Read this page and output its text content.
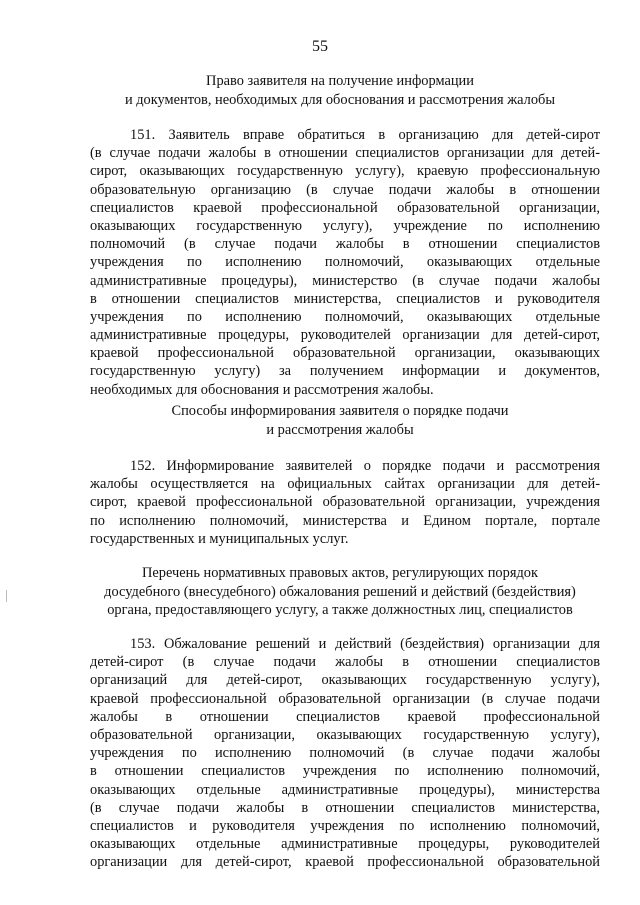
55
Право заявителя на получение информации
и документов, необходимых для обоснования и рассмотрения жалобы
151. Заявитель вправе обратиться в организацию для детей-сирот
(в случае подачи жалобы в отношении специалистов организации для детей-
сирот, оказывающих государственную услугу), краевую профессиональную
образовательную организацию (в случае подачи жалобы в отношении
специалистов краевой профессиональной образовательной организации,
оказывающих государственную услугу), учреждение по исполнению
полномочий (в случае подачи жалобы в отношении специалистов
учреждения по исполнению полномочий, оказывающих отдельные
административные процедуры), министерство (в случае подачи жалобы
в отношении специалистов министерства, специалистов и руководителя
учреждения по исполнению полномочий, оказывающих отдельные
административные процедуры, руководителей организации для детей-сирот,
краевой профессиональной образовательной организации, оказывающих
государственную услугу) за получением информации и документов,
необходимых для обоснования и рассмотрения жалобы.
Способы информирования заявителя о порядке подачи
и рассмотрения жалобы
152. Информирование заявителей о порядке подачи и рассмотрения
жалобы осуществляется на официальных сайтах организации для детей-
сирот, краевой профессиональной образовательной организации, учреждения
по исполнению полномочий, министерства и Едином портале, портале
государственных и муниципальных услуг.
Перечень нормативных правовых актов, регулирующих порядок
досудебного (внесудебного) обжалования решений и действий (бездействия)
органа, предоставляющего услугу, а также должностных лиц, специалистов
153. Обжалование решений и действий (бездействия) организации для
детей-сирот (в случае подачи жалобы в отношении специалистов
организаций для детей-сирот, оказывающих государственную услугу),
краевой профессиональной образовательной организации (в случае подачи
жалобы в отношении специалистов краевой профессиональной
образовательной организации, оказывающих государственную услугу),
учреждения по исполнению полномочий (в случае подачи жалобы
в отношении специалистов учреждения по исполнению полномочий,
оказывающих отдельные административные процедуры), министерства
(в случае подачи жалобы в отношении специалистов министерства,
специалистов и руководителя учреждения по исполнению полномочий,
оказывающих отдельные административные процедуры, руководителей
организации для детей-сирот, краевой профессиональной образовательной
